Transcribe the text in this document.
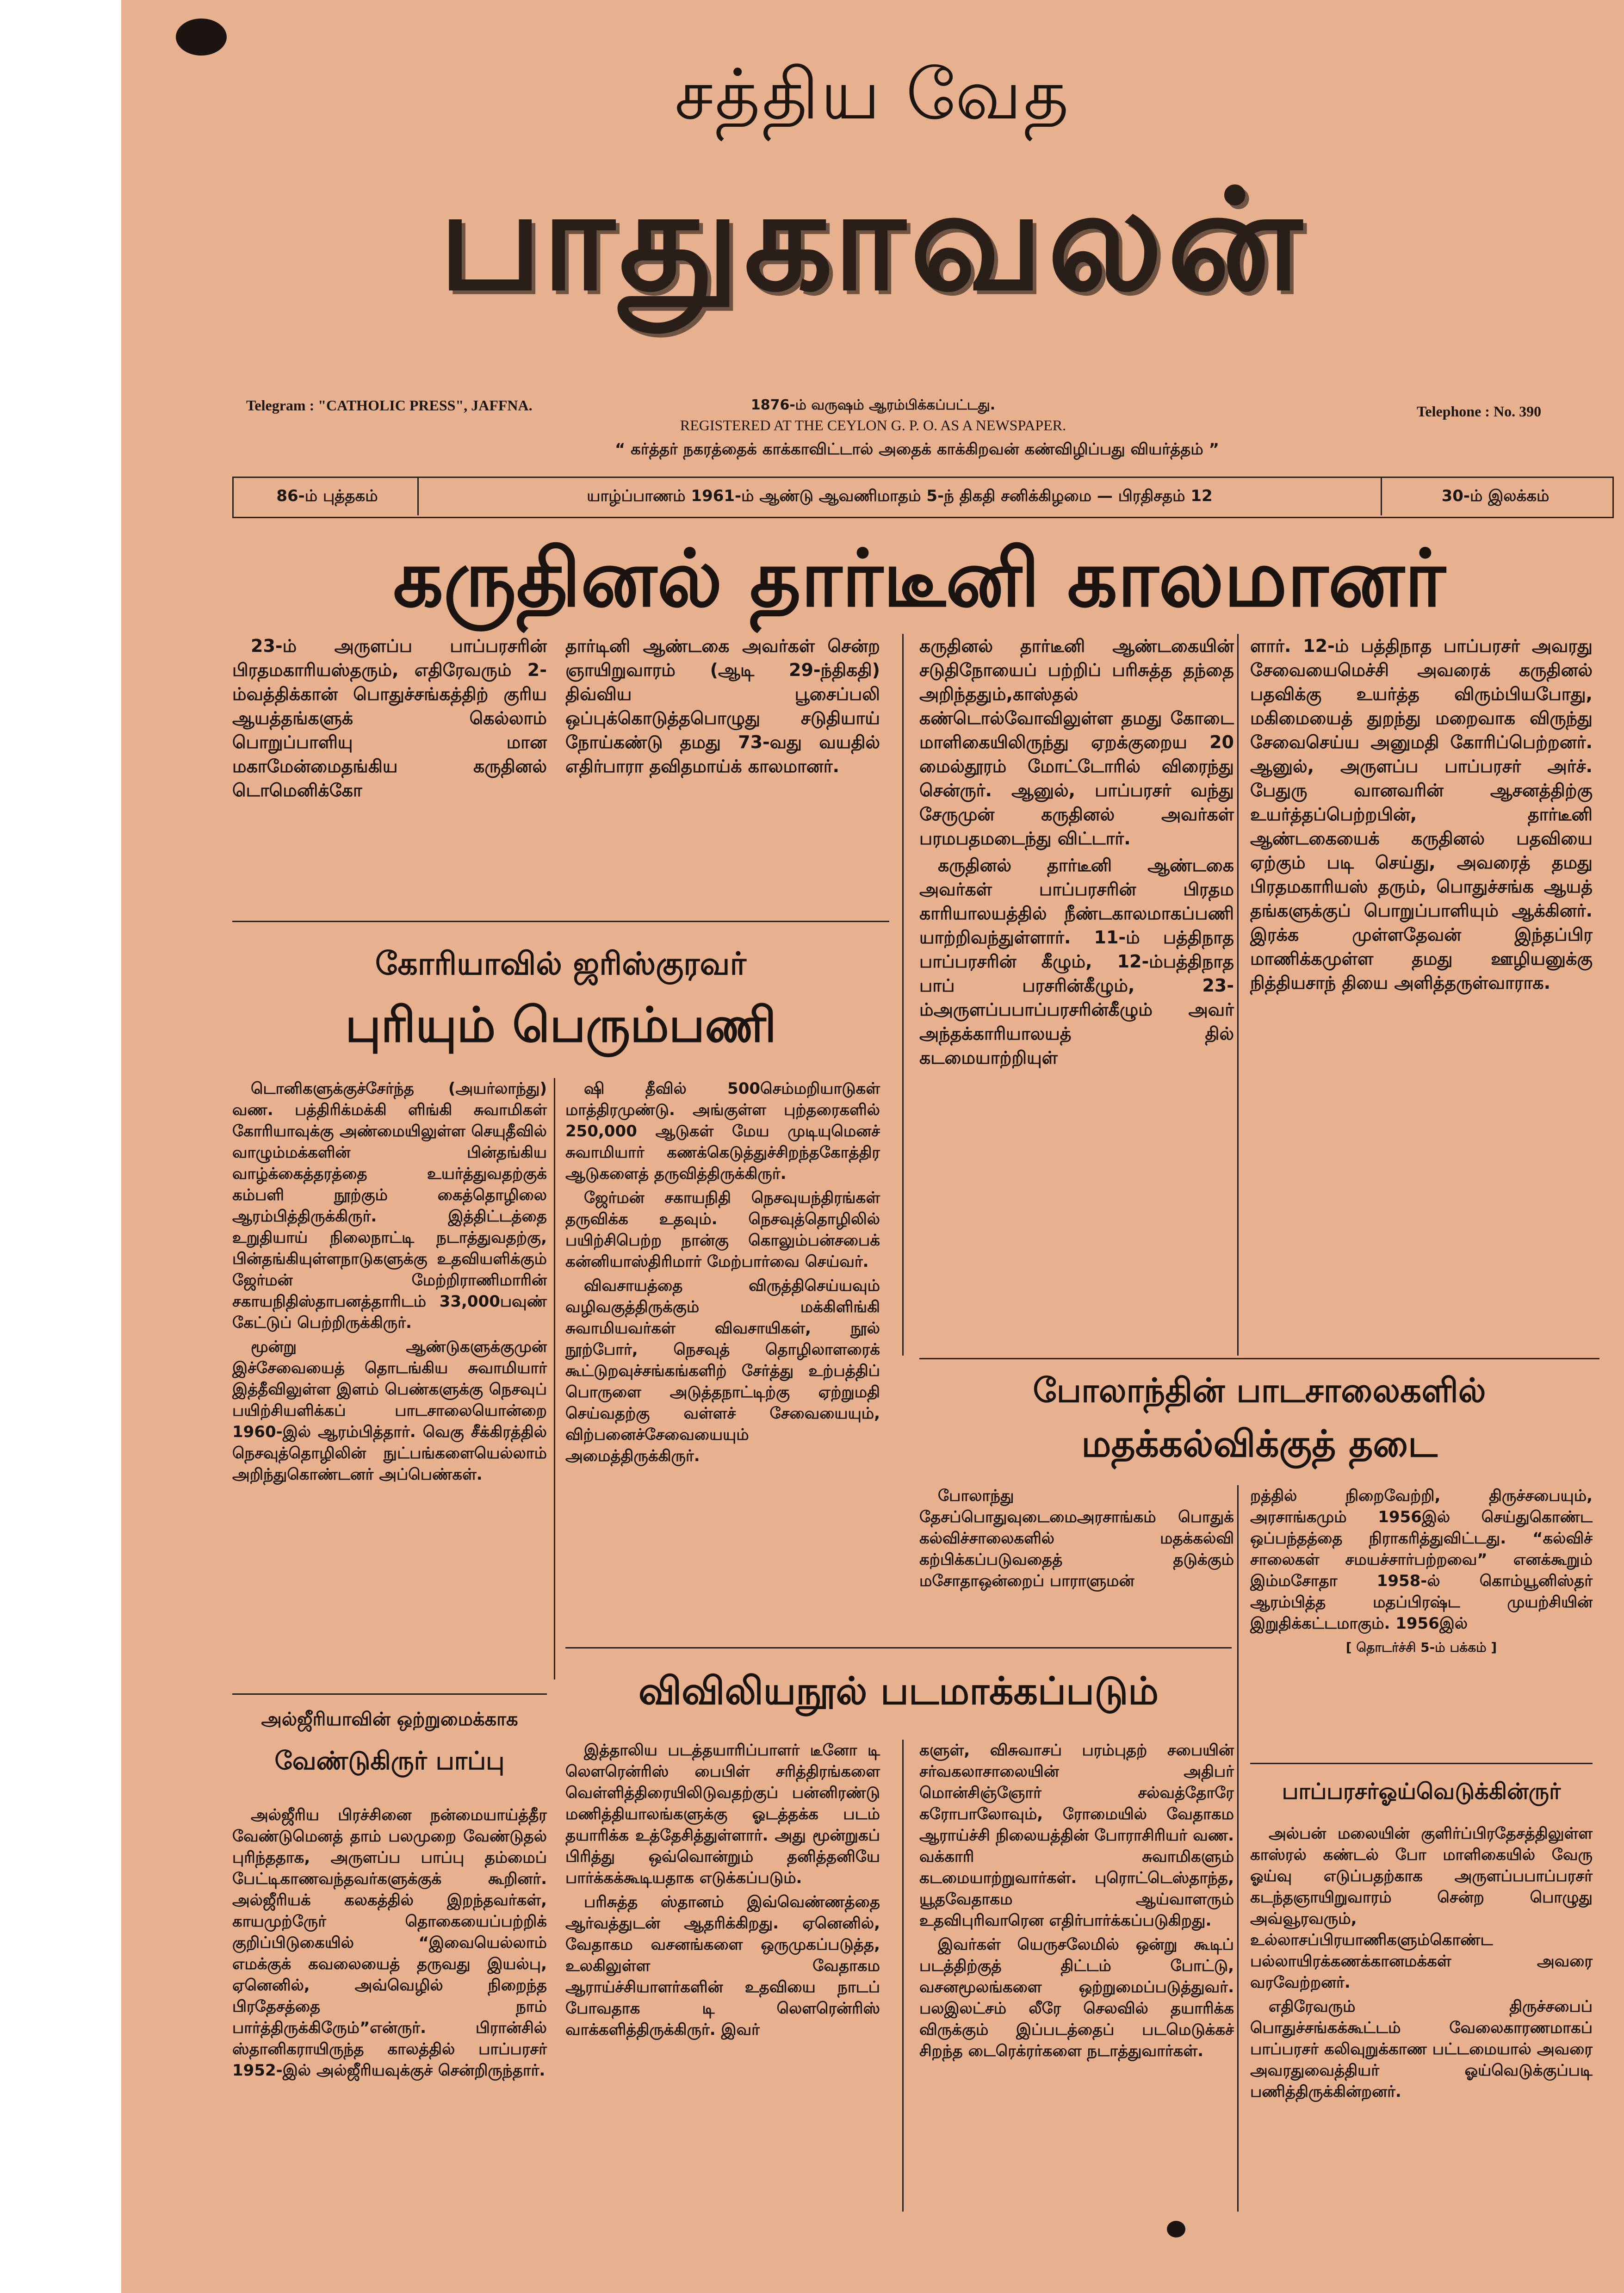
சத்திய வேத
பாதுகாவலன்
Telegram : "CATHOLIC PRESS", JAFFNA.	1876-ம் வருஷம் ஆரம்பிக்கப்பட்டது.
REGISTERED AT THE CEYLON G. P. O. AS A NEWSPAPER.
Telephone : No. 390
“ கர்த்தர் நகரத்தைக் காக்காவிட்டால் அதைக் காக்கிறவன் கண்விழிப்பது வியர்த்தம் ”
86-ம் புத்தகம்	யாழ்ப்பாணம் 1961-ம் ஆண்டு ஆவணிமாதம் 5-ந் திகதி சனிக்கிழமை — பிரதிசதம் 12	30-ம் இலக்கம்
கருதினல் தார்டீனி காலமானர்

23-ம் அருளப்ப பாப்பரசரின் பிரதமகாரியஸ்தரும், எதிரேவரும் 2-ம்வத்திக்கான் பொதுச்சங்கத்திற் குரிய ஆயத்தங்களுக் கெல்லாம் பொறுப்பாளியு மான மகாமேன்மைதங்கிய கருதினல் டொமெனிக்கோ

தார்டினி ஆண்டகை அவர்கள் சென்ற ஞாயிறுவாரம் (ஆடி 29-ந்திகதி) திவ்விய பூசைப்பலி ஒப்புக்கொடுத்தபொழுது சடுதியாய் நோய்கண்டு தமது 73-வது வயதில் எதிர்பாரா தவிதமாய்க் காலமானர்.

கருதினல் தார்டீனி ஆண்டகையின் சடுதிநோயைப் பற்றிப் பரிசுத்த தந்தை அறிந்ததும்,காஸ்தல் கண்டொல்வோவிலுள்ள தமது கோடை மாளிகையிலிருந்து ஏறக்குறைய 20 மைல்தூரம் மோட்டோரில் விரைந்து சென்ருர். ஆனுல், பாப்பரசர் வந்து சேருமுன் கருதினல் அவர்கள் பரமபதமடைந்து விட்டார்.

கருதினல் தார்டீனி ஆண்டகை அவர்கள் பாப்பரசரின் பிரதம காரியாலயத்தில் நீண்டகாலமாகப்பணி யாற்றிவந்துள்ளார். 11-ம் பத்திநாத பாப்பரசரின் கீழும், 12-ம்பத்திநாத பாப் பரசரின்கீழும், 23-ம்அருளப்பபாப்பரசரின்கீழும் அவர் அந்தக்காரியாலயத் தில் கடமையாற்றியுள்

ளார். 12-ம் பத்திநாத பாப்பரசர் அவரது சேவையைமெச்சி அவரைக் கருதினல் பதவிக்கு உயர்த்த விரும்பியபோது, மகிமையைத் துறந்து மறைவாக விருந்து சேவைசெய்ய அனுமதி கோரிப்பெற்றனர். ஆனுல், அருளப்ப பாப்பரசர் அர்ச். பேதுரு வானவரின் ஆசனத்திற்கு உயர்த்தப்பெற்றபின், தார்டீனி ஆண்டகையைக் கருதினல் பதவியை ஏற்கும் படி செய்து, அவரைத் தமது பிரதமகாரியஸ் தரும், பொதுச்சங்க ஆயத் தங்களுக்குப் பொறுப்பாளியும் ஆக்கினர். இரக்க முள்ளதேவன் இந்தப்பிர மாணிக்கமுள்ள தமது ஊழியனுக்கு நித்தியசாந் தியை அளித்தருள்வாராக.

கோரியாவில் ஜரிஸ்குரவர்
புரியும் பெரும்பணி

டொனிகளுக்குச்சேர்ந்த (அயர்லாந்து) வண. பத்திரிக்மக்கி ளிங்கி சுவாமிகள் கோரியாவுக்கு அண்மையிலுள்ள செயுதீவில் வாழும்மக்களின் பின்தங்கிய வாழ்க்கைத்தரத்தை உயர்த்துவதற்குக் கம்பளி நூற்கும் கைத்தொழிலை ஆரம்பித்திருக்கிருர். இத்திட்டத்தை உறுதியாய் நிலைநாட்டி நடாத்துவதற்கு, பின்தங்கியுள்ளநாடுகளுக்கு உதவியளிக்கும் ஜேர்மன் மேற்றிராணிமாரின் சகாயநிதிஸ்தாபனத்தாரிடம் 33,000பவுண் கேட்டுப் பெற்றிருக்கிருர்.

மூன்று ஆண்டுகளுக்குமுன் இச்சேவையைத் தொடங்கிய சுவாமியார் இத்தீவிலுள்ள இளம் பெண்களுக்கு நெசவுப் பயிற்சியளிக்கப் பாடசாலையொன்றை 1960-இல் ஆரம்பித்தார். வெகு சீக்கிரத்தில் நெசவுத்தொழிலின் நுட்பங்களையெல்லாம் அறிந்துகொண்டனர் அப்பெண்கள்.

ஷி தீவில் 500செம்மறியாடுகள் மாத்திரமுண்டு. அங்குள்ள புற்தரைகளில் 250,000 ஆடுகள் மேய முடியுமெனச் சுவாமியார் கணக்கெடுத்துச்சிறந்தகோத்திர ஆடுகளைத் தருவித்திருக்கிருர்.

ஜேர்மன் சகாயநிதி நெசவுயந்திரங்கள் தருவிக்க உதவும். நெசவுத்தொழிலில் பயிற்சிபெற்ற நான்கு கொலும்பன்சபைக் கன்னியாஸ்திரிமார் மேற்பார்வை செய்வர்.

விவசாயத்தை விருத்திசெய்யவும் வழிவகுத்திருக்கும் மக்கிளிங்கி சுவாமியவர்கள் விவசாயிகள், நூல் நூற்போர், நெசவுத் தொழிலாளரைக் கூட்டுறவுச்சங்கங்களிற் சேர்த்து உற்பத்திப் பொருளை அடுத்தநாட்டிற்கு ஏற்றுமதி செய்வதற்கு வள்ளச் சேவையையும், விற்பனைச்சேவையையும் அமைத்திருக்கிருர்.

போலாந்தின் பாடசாலைகளில்
மதக்கல்விக்குத் தடை

போலாந்து தேசப்பொதுவுடைமைஅரசாங்கம் பொதுக் கல்விச்சாலைகளில் மதக்கல்வி கற்பிக்கப்படுவதைத் தடுக்கும் மசோதாஒன்றைப் பாராளுமன்

றத்தில் நிறைவேற்றி, திருச்சபையும், அரசாங்கமும் 1956இல் செய்துகொண்ட ஒப்பந்தத்தை நிராகரித்துவிட்டது. “கல்விச் சாலைகள் சமயச்சார்பற்றவை” எனக்கூறும் இம்மசோதா 1958-ல் கொம்யூனிஸ்தர் ஆரம்பித்த மதப்பிரஷ்ட முயற்சியின் இறுதிக்கட்டமாகும். 1956இல்

[ தொடர்ச்சி 5-ம் பக்கம் ]

அல்ஜீரியாவின் ஒற்றுமைக்காக
வேண்டுகிருர் பாப்பு

அல்ஜீரிய பிரச்சினை நன்மையாய்த்தீர வேண்டுமெனத் தாம் பலமுறை வேண்டுதல் புரிந்ததாக, அருளப்ப பாப்பு தம்மைப் பேட்டிகாணவந்தவர்களுக்குக் கூறினர். அல்ஜீரியக் கலகத்தில் இறந்தவர்கள், காயமுற்ருேர் தொகையைப்பற்றிக் குறிப்பிடுகையில் “இவையெல்லாம் எமக்குக் கவலையைத் தருவது இயல்பு, ஏனெனில், அவ்வெழில் நிறைந்த பிரதேசத்தை நாம் பார்த்திருக்கிருேம்”என்ருர். பிரான்சில் ஸ்தானிகராயிருந்த காலத்தில் பாப்பரசர் 1952-இல் அல்ஜீரியவுக்குச் சென்றிருந்தார்.

விவிலியநூல் படமாக்கப்படும்

இத்தாலிய படத்தயாரிப்பாளர் டீனோ டி லௌரென்ரிஸ் பைபிள் சரித்திரங்களை வெள்ளித்திரையிலிடுவதற்குப் பன்னிரண்டு மணித்தியாலங்களுக்கு ஓடத்தக்க படம் தயாரிக்க உத்தேசித்துள்ளார். அது மூன்றுகப் பிரித்து ஒவ்வொன்றும் தனித்தனியே பார்க்கக்கூடியதாக எடுக்கப்படும்.

பரிசுத்த ஸ்தானம் இவ்வெண்ணத்தை ஆர்வத்துடன் ஆதரிக்கிறது. ஏனெனில், வேதாகம வசனங்களை ஒருமுகப்படுத்த, உலகிலுள்ள வேதாகம ஆராய்ச்சியாளர்களின் உதவியை நாடப் போவதாக டி லௌரென்ரிஸ் வாக்களித்திருக்கிருர். இவர்

களுள், விசுவாசப் பரம்புதற் சபையின் சர்வகலாசாலையின் அதிபர் மொன்சிஞ்ஞோர் சல்வத்தோரே கரோபாலோவும், ரோமையில் வேதாகம ஆராய்ச்சி நிலையத்தின் போராசிரியர் வண. வக்காரி சுவாமிகளும் கடமையாற்றுவார்கள். புரொட்டெஸ்தாந்த, யூதவேதாகம ஆய்வாளரும் உதவிபுரிவாரென எதிர்பார்க்கப்படுகிறது.

இவர்கள் யெருசலேமில் ஒன்று கூடிப் படத்திற்குத் திட்டம் போட்டு, வசனமூலங்களை ஒற்றுமைப்படுத்துவர். பலஇலட்சம் லீரே செலவில் தயாரிக்க விருக்கும் இப்படத்தைப் படமெடுக்கச் சிறந்த டைரெக்ரர்களை நடாத்துவார்கள்.

பாப்பரசர்ஓய்வெடுக்கின்ருர்

அல்பன் மலையின் குளிர்ப்பிரதேசத்திலுள்ள காஸ்ரல் கண்டல் போ மாளிகையில் வேரு ஓய்வு எடுப்பதற்காக அருளப்பபாப்பரசர் கடந்தஞாயிறுவாரம் சென்ற பொழுது அவ்வூரவரும், உல்லாசப்பிரயாணிகளும்கொண்ட பல்லாயிரக்கணக்கானமக்கள் அவரை வரவேற்றனர்.

எதிரேவரும் திருச்சபைப் பொதுச்சங்கக்கூட்டம் வேலைகாரணமாகப் பாப்பரசர் கலிவுறுக்காண பட்டமையால் அவரை அவரதுவைத்தியர் ஓய்வெடுக்குப்படி பணித்திருக்கின்றனர்.
